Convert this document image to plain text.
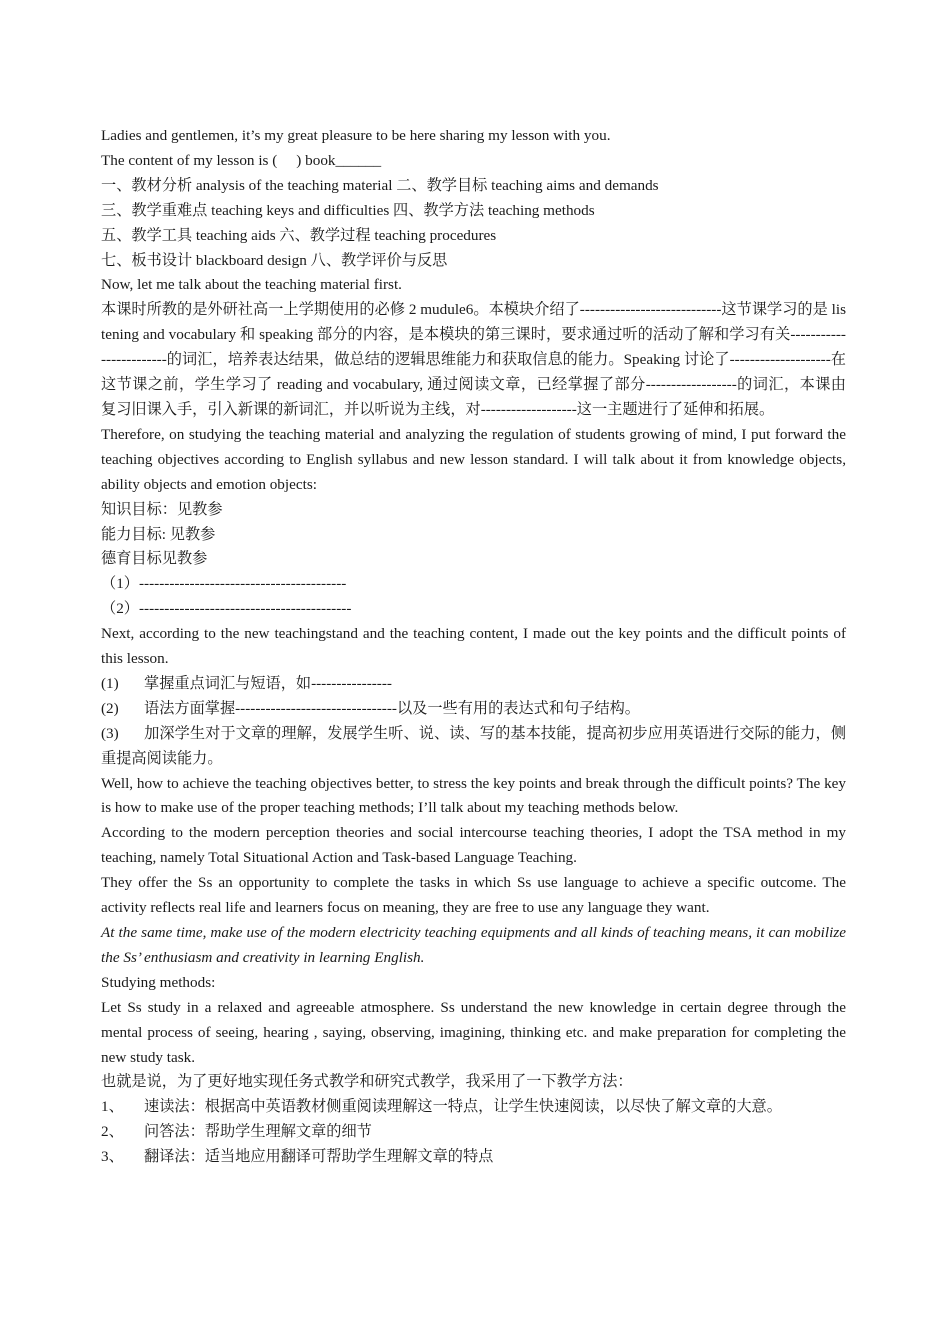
Ladies and gentlemen, it’s my great pleasure to be here sharing my lesson with you.

The content of my lesson is (     ) book______

一、教材分析 analysis of the teaching material 二、教学目标 teaching aims and demands

三、教学重难点 teaching keys and difficulties 四、教学方法 teaching methods

五、教学工具 teaching aids 六、教学过程 teaching procedures

七、板书设计 blackboard design 八、教学评价与反思

Now, let me talk about the teaching material first.

本课时所教的是外研社高一上学期使用的必修 2 mudule6。本模块介绍了----------------------------这节课学习的是 listening and vocabulary 和 speaking 部分的内容，是本模块的第三课时，要求通过听的活动了解和学习有关------------------------的词汇，培养表达结果，做总结的逻辑思维能力和获取信息的能力。Speaking 讨论了--------------------在这节课之前，学生学习了 reading and vocabulary, 通过阅读文章，已经掌握了部分------------------的词汇，本课由复习旧课入手，引入新课的新词汇，并以听说为主线，对-------------------这一主题进行了延伸和拓展。

Therefore, on studying the teaching material and analyzing the regulation of students growing of mind, I put forward the teaching objectives according to English syllabus and new lesson standard. I will talk about it from knowledge objects, ability objects and emotion objects:

知识目标：见教参

能力目标: 见教参

德育目标见教参

（1）-----------------------------------------

（2）------------------------------------------

Next, according to the new teachingstand and the teaching content, I made out the key points and the difficult points of this lesson.

(1)	掌握重点词汇与短语，如----------------
(2)	语法方面掌握--------------------------------以及一些有用的表达式和句子结构。

(3) 加深学生对于文章的理解，发展学生听、说、读、写的基本技能，提高初步应用英语进行交际的能力，侧重提高阅读能力。

Well, how to achieve the teaching objectives better, to stress the key points and break through the difficult points? The key is how to make use of the proper teaching methods; I’ll talk about my teaching methods below.

According to the modern perception theories and social intercourse teaching theories, I adopt the TSA method in my teaching, namely Total Situational Action and Task-based Language Teaching.

They offer the Ss an opportunity to complete the tasks in which Ss use language to achieve a specific outcome. The activity reflects real life and learners focus on meaning, they are free to use any language they want.

At the same time, make use of the modern electricity teaching equipments and all kinds of teaching means, it can mobilize the Ss’ enthusiasm and creativity in learning English.

Studying methods:

Let Ss study in a relaxed and agreeable atmosphere. Ss understand the new knowledge in certain degree through the mental process of seeing, hearing , saying, observing, imagining, thinking etc. and make preparation for completing the new study task.

也就是说，为了更好地实现任务式教学和研究式教学，我采用了一下教学方法：

1、	速读法：根据高中英语教材侧重阅读理解这一特点，让学生快速阅读，以尽快了解文章的大意。
2、	问答法：帮助学生理解文章的细节
3、	翻译法：适当地应用翻译可帮助学生理解文章的特点
